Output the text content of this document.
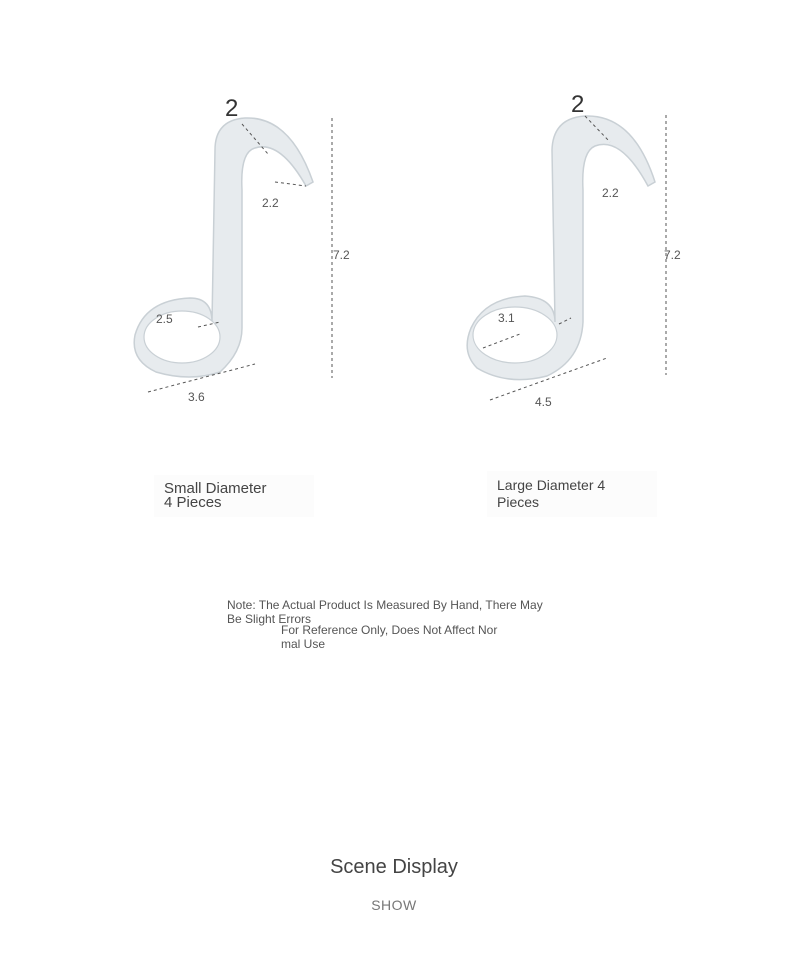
2
2.2
7.2
2.5
3.6
2
2.2
7.2
3.1
4.5
Small Diameter
4 Pieces
Large Diameter 4
Pieces
Note: The Actual Product Is Measured By Hand, There May
Be Slight Errors
For Reference Only, Does Not Affect Nor
mal Use
Scene Display
SHOW
